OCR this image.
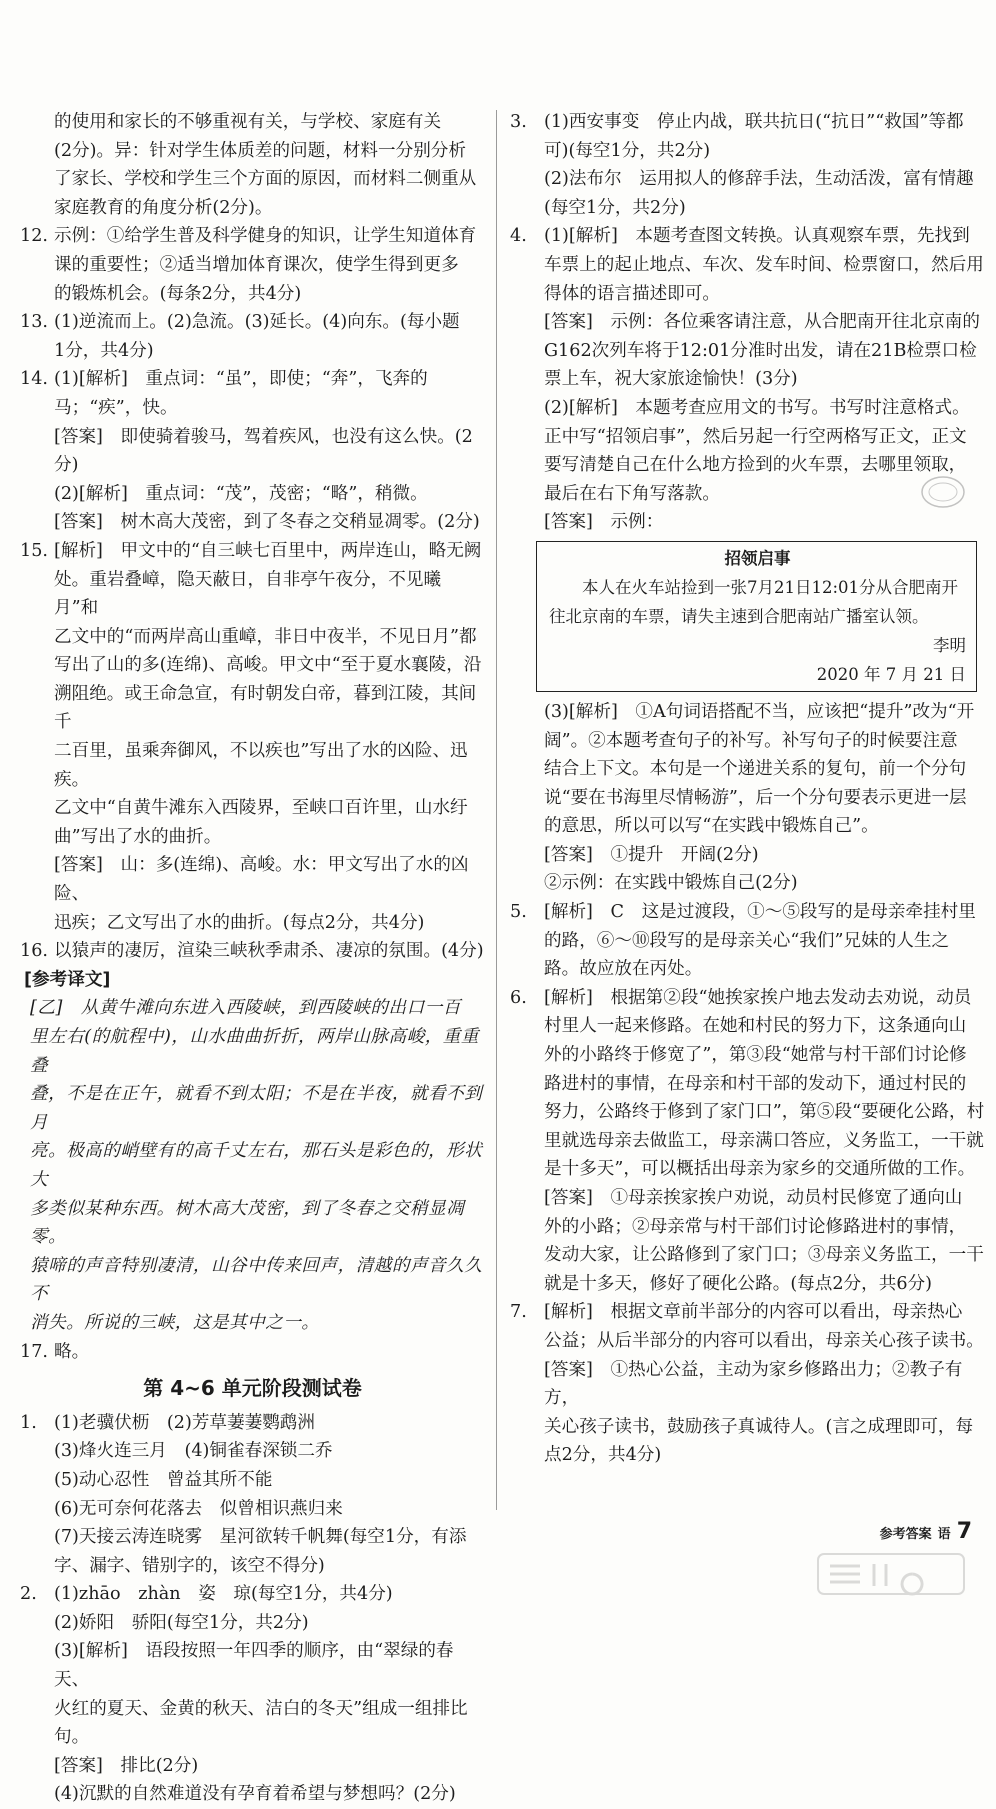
的使用和家长的不够重视有关，与学校、家庭有关
(2分)。异：针对学生体质差的问题，材料一分别分析
了家长、学校和学生三个方面的原因，而材料二侧重从
家庭教育的角度分析(2分)。
12. 示例：①给学生普及科学健身的知识，让学生知道体育
课的重要性；②适当增加体育课次，使学生得到更多
的锻炼机会。(每条2分，共4分)
13. (1)逆流而上。(2)急流。(3)延长。(4)向东。(每小题
1分，共4分)
14. (1)[解析]　重点词：“虽”，即使；“奔”，飞奔的马；“疾”，快。
[答案]　即使骑着骏马，驾着疾风，也没有这么快。(2分)
(2)[解析]　重点词：“茂”，茂密；“略”，稍微。
[答案]　树木高大茂密，到了冬春之交稍显凋零。(2分)
15. [解析]　甲文中的“自三峡七百里中，两岸连山，略无阙
处。重岩叠嶂，隐天蔽日，自非亭午夜分，不见曦月”和
乙文中的“而两岸高山重嶂，非日中夜半，不见日月”都
写出了山的多(连绵)、高峻。甲文中“至于夏水襄陵，沿
溯阻绝。或王命急宣，有时朝发白帝，暮到江陵，其间千
二百里，虽乘奔御风，不以疾也”写出了水的凶险、迅疾。
乙文中“自黄牛滩东入西陵界，至峡口百许里，山水纡
曲”写出了水的曲折。
[答案]　山：多(连绵)、高峻。水：甲文写出了水的凶险、
迅疾；乙文写出了水的曲折。(每点2分，共4分)
16. 以猿声的凄厉，渲染三峡秋季肃杀、凄凉的氛围。(4分)
[参考译文]
[乙]　从黄牛滩向东进入西陵峡，到西陵峡的出口一百
里左右(的航程中)，山水曲曲折折，两岸山脉高峻，重重叠
叠，不是在正午，就看不到太阳；不是在半夜，就看不到月
亮。极高的峭壁有的高千丈左右，那石头是彩色的，形状大
多类似某种东西。树木高大茂密，到了冬春之交稍显凋零。
猿啼的声音特别凄清，山谷中传来回声，清越的声音久久不
消失。所说的三峡，这是其中之一。
17. 略。
第 4~6 单元阶段测试卷
1. (1)老骥伏枥　(2)芳草萋萋鹦鹉洲
(3)烽火连三月　(4)铜雀春深锁二乔
(5)动心忍性　曾益其所不能
(6)无可奈何花落去　似曾相识燕归来
(7)天接云涛连晓雾　星河欲转千帆舞(每空1分，有添
字、漏字、错别字的，该空不得分)
2. (1)zhāo　zhàn　姿　琼(每空1分，共4分)
(2)娇阳　骄阳(每空1分，共2分)
(3)[解析]　语段按照一年四季的顺序，由“翠绿的春天、
火红的夏天、金黄的秋天、洁白的冬天”组成一组排比句。
[答案]　排比(2分)
(4)沉默的自然难道没有孕育着希望与梦想吗？(2分)
3. (1)西安事变　停止内战，联共抗日(“抗日”“救国”等都
可)(每空1分，共2分)
(2)法布尔　运用拟人的修辞手法，生动活泼，富有情趣
(每空1分，共2分)
4. (1)[解析]　本题考查图文转换。认真观察车票，先找到
车票上的起止地点、车次、发车时间、检票窗口，然后用
得体的语言描述即可。
[答案]　示例：各位乘客请注意，从合肥南开往北京南的
G162次列车将于12:01分准时出发，请在21B检票口检
票上车，祝大家旅途愉快！(3分)
(2)[解析]　本题考查应用文的书写。书写时注意格式。
正中写“招领启事”，然后另起一行空两格写正文，正文
要写清楚自己在什么地方捡到的火车票，去哪里领取，
最后在右下角写落款。
[答案]　示例：
招领启事
本人在火车站捡到一张7月21日12:01分从合肥南开往北京南的车票，请失主速到合肥南站广播室认领。
李明
2020 年 7 月 21 日
(3)[解析]　①A句词语搭配不当，应该把“提升”改为“开
阔”。②本题考查句子的补写。补写句子的时候要注意
结合上下文。本句是一个递进关系的复句，前一个分句
说“要在书海里尽情畅游”，后一个分句要表示更进一层
的意思，所以可以写“在实践中锻炼自己”。
[答案]　①提升　开阔(2分)
②示例：在实践中锻炼自己(2分)
5. [解析]　C　这是过渡段，①～⑤段写的是母亲牵挂村里
的路，⑥～⑩段写的是母亲关心“我们”兄妹的人生之
路。故应放在丙处。
6. [解析]　根据第②段“她挨家挨户地去发动去劝说，动员
村里人一起来修路。在她和村民的努力下，这条通向山
外的小路终于修宽了”，第③段“她常与村干部们讨论修
路进村的事情，在母亲和村干部的发动下，通过村民的
努力，公路终于修到了家门口”，第⑤段“要硬化公路，村
里就选母亲去做监工，母亲满口答应，义务监工，一干就
是十多天”，可以概括出母亲为家乡的交通所做的工作。
[答案]　①母亲挨家挨户劝说，动员村民修宽了通向山
外的小路；②母亲常与村干部们讨论修路进村的事情，
发动大家，让公路修到了家门口；③母亲义务监工，一干
就是十多天，修好了硬化公路。(每点2分，共6分)
7. [解析]　根据文章前半部分的内容可以看出，母亲热心
公益；从后半部分的内容可以看出，母亲关心孩子读书。
[答案]　①热心公益，主动为家乡修路出力；②教子有方，
关心孩子读书，鼓励孩子真诚待人。(言之成理即可，每
点2分，共4分)
参考答案 语 7
